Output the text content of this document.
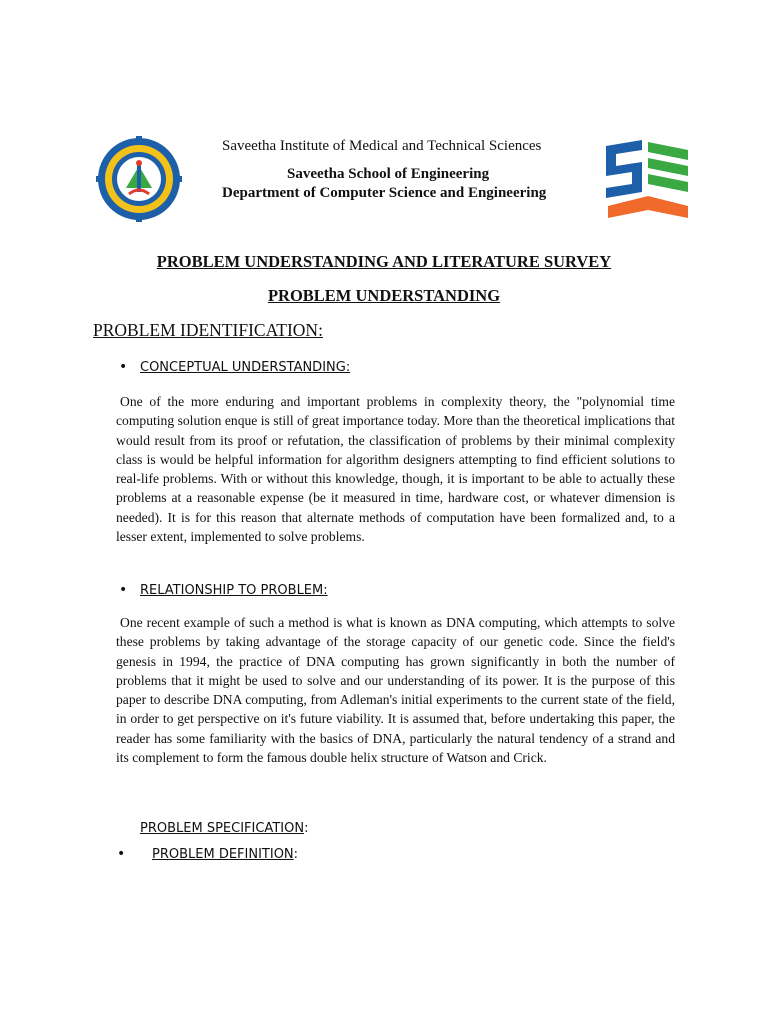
Saveetha Institute of Medical and Technical Sciences
Saveetha School of Engineering
Department of Computer Science and Engineering
PROBLEM UNDERSTANDING AND LITERATURE SURVEY
PROBLEM UNDERSTANDING
PROBLEM IDENTIFICATION:
• CONCEPTUAL UNDERSTANDING:

One of the more enduring and important problems in complexity theory, the "polynomial time computing solution enque is still of great importance today. More than the theoretical implications that would result from its proof or refutation, the classification of problems by their minimal complexity class is would be helpful information for algorithm designers attempting to find efficient solutions to real-life problems. With or without this knowledge, though, it is important to be able to actually these problems at a reasonable expense (be it measured in time, hardware cost, or whatever dimension is needed). It is for this reason that alternate methods of computation have been formalized and, to a lesser extent, implemented to solve problems.

• RELATIONSHIP TO PROBLEM:

One recent example of such a method is what is known as DNA computing, which attempts to solve these problems by taking advantage of the storage capacity of our genetic code. Since the field's genesis in 1994, the practice of DNA computing has grown significantly in both the number of problems that it might be used to solve and our understanding of its power. It is the purpose of this paper to describe DNA computing, from Adleman's initial experiments to the current state of the field, in order to get perspective on it's future viability. It is assumed that, before undertaking this paper, the reader has some familiarity with the basics of DNA, particularly the natural tendency of a strand and its complement to form the famous double helix structure of Watson and Crick.

PROBLEM SPECIFICATION:
• PROBLEM DEFINITION:
